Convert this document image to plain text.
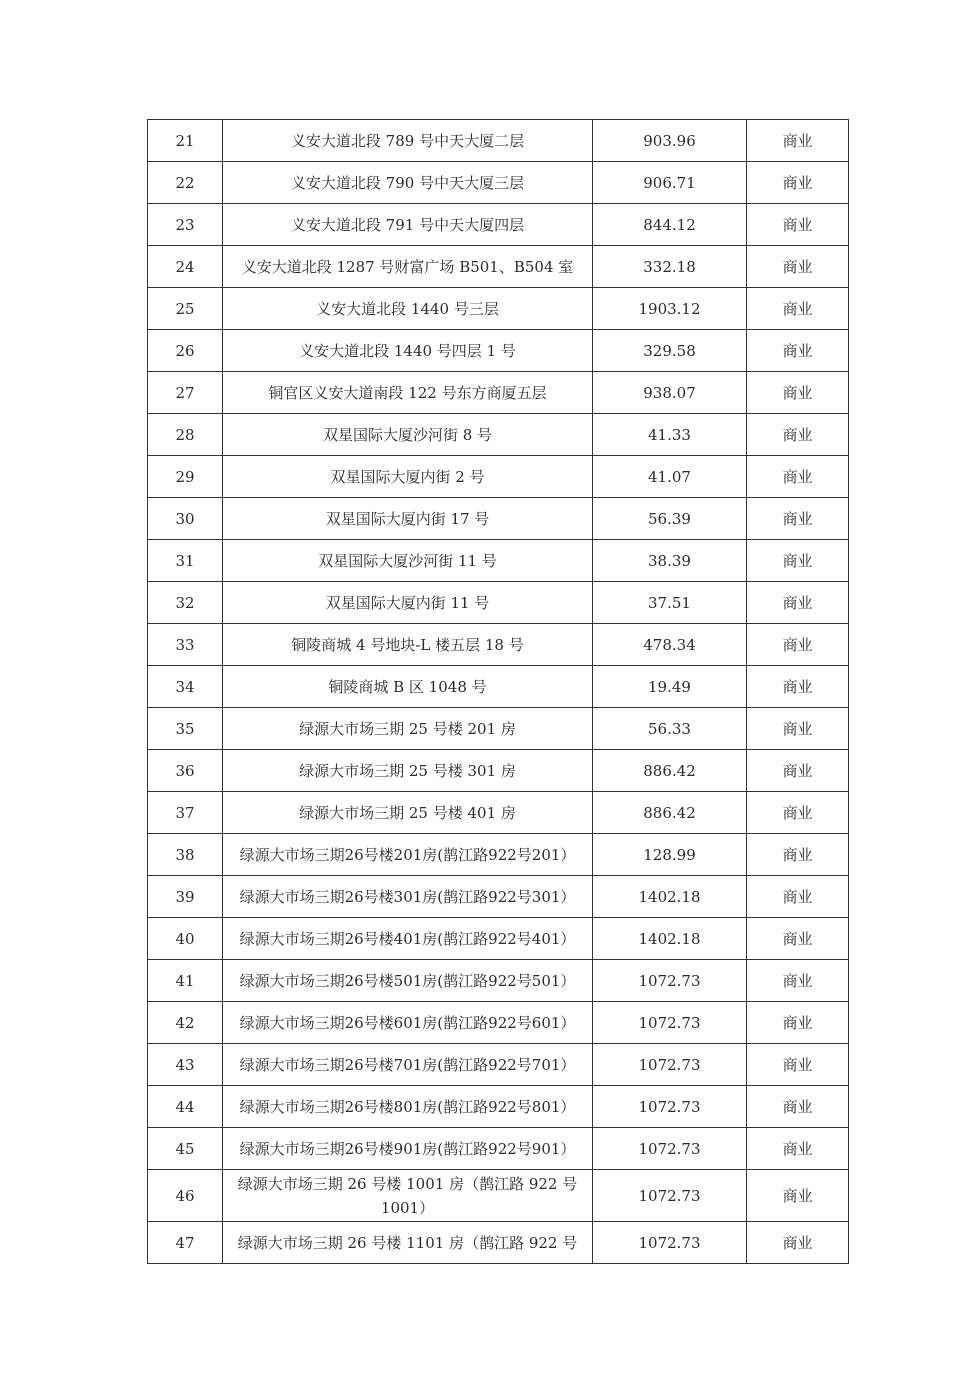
21	义安大道北段 789 号中天大厦二层	903.96	商业
22	义安大道北段 790 号中天大厦三层	906.71	商业
23	义安大道北段 791 号中天大厦四层	844.12	商业
24	义安大道北段 1287 号财富广场 B501、B504 室	332.18	商业
25	义安大道北段 1440 号三层	1903.12	商业
26	义安大道北段 1440 号四层 1 号	329.58	商业
27	铜官区义安大道南段 122 号东方商厦五层	938.07	商业
28	双星国际大厦沙河街 8 号	41.33	商业
29	双星国际大厦内街 2 号	41.07	商业
30	双星国际大厦内街 17 号	56.39	商业
31	双星国际大厦沙河街 11 号	38.39	商业
32	双星国际大厦内街 11 号	37.51	商业
33	铜陵商城 4 号地块-L 楼五层 18 号	478.34	商业
34	铜陵商城 B 区 1048 号	19.49	商业
35	绿源大市场三期 25 号楼 201 房	56.33	商业
36	绿源大市场三期 25 号楼 301 房	886.42	商业
37	绿源大市场三期 25 号楼 401 房	886.42	商业
38	绿源大市场三期26号楼201房(鹊江路922号201）	128.99	商业
39	绿源大市场三期26号楼301房(鹊江路922号301）	1402.18	商业
40	绿源大市场三期26号楼401房(鹊江路922号401）	1402.18	商业
41	绿源大市场三期26号楼501房(鹊江路922号501）	1072.73	商业
42	绿源大市场三期26号楼601房(鹊江路922号601）	1072.73	商业
43	绿源大市场三期26号楼701房(鹊江路922号701）	1072.73	商业
44	绿源大市场三期26号楼801房(鹊江路922号801）	1072.73	商业
45	绿源大市场三期26号楼901房(鹊江路922号901）	1072.73	商业
46	绿源大市场三期 26 号楼 1001 房（鹊江路 922 号 1001）	1072.73	商业
47	绿源大市场三期 26 号楼 1101 房（鹊江路 922 号	1072.73	商业
